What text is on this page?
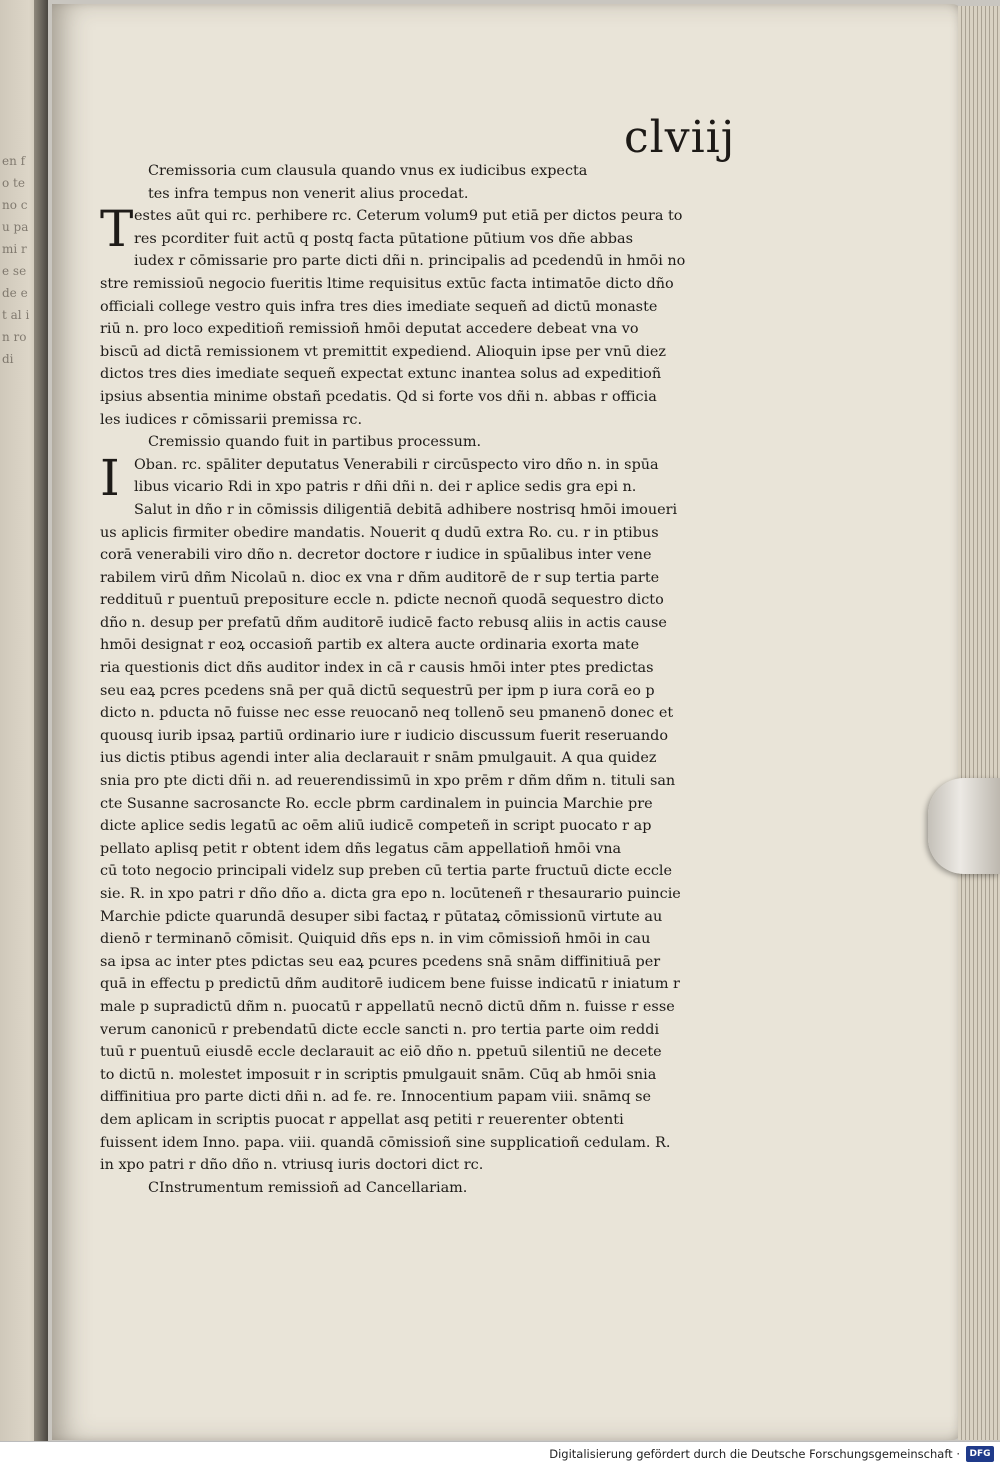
en fo te no cu pa mi re se de et al in ro di
clviij
Cremissoria cum clausula quando vnus ex iudicibus expecta
tes infra tempus non venerit alius procedat.
T estes aūt qui rc. perhibere rc. Ceterum volum9 put etiā per dictos peura to
res pcorditer fuit actū q postq facta pūtatione pūtium vos dñe abbas
iudex r cōmissarie pro parte dicti dñi n. principalis ad pcedendū in hmōi no
stre remissioū negocio fueritis ltime requisitus extūc facta intimatōe dicto dño
officiali college vestro quis infra tres dies imediate sequeñ ad dictū monaste
riū n. pro loco expeditioñ remissioñ hmōi deputat accedere debeat vna vo
biscū ad dictā remissionem vt premittit expediend. Alioquin ipse per vnū diez
dictos tres dies imediate sequeñ expectat extunc inantea solus ad expeditioñ
ipsius absentia minime obstañ pcedatis. Qd si forte vos dñi n. abbas r officia
les iudices r cōmissarii premissa rc.
Cremissio quando fuit in partibus processum.
I Oban. rc. spāliter deputatus Venerabili r circūspecto viro dño n. in spūa
libus vicario Rdi in xpo patris r dñi dñi n. dei r aplice sedis gra epi n.
Salut in dño r in cōmissis diligentiā debitā adhibere nostrisq hmōi imoueri
us aplicis firmiter obedire mandatis. Nouerit q dudū extra Ro. cu. r in ptibus
corā venerabili viro dño n. decretor doctore r iudice in spūalibus inter vene
rabilem virū dñm Nicolaū n. dioc ex vna r dñm auditorē de r sup tertia parte
reddituū r puentuū prepositure eccle n. pdicte necnoñ quodā sequestro dicto
dño n. desup per prefatū dñm auditorē iudicē facto rebusq aliis in actis cause
hmōi designat r eoꝝ occasioñ partib ex altera aucte ordinaria exorta mate
ria questionis dict dñs auditor index in cā r causis hmōi inter ptes predictas
seu eaꝝ pcres pcedens snā per quā dictū sequestrū per ipm p iura corā eo p
dicto n. pducta nō fuisse nec esse reuocanō neq tollenō seu pmanenō donec et
quousq iurib ipsaꝝ partiū ordinario iure r iudicio discussum fuerit reseruando
ius dictis ptibus agendi inter alia declarauit r snām pmulgauit. A qua quidez
snia pro pte dicti dñi n. ad reuerendissimū in xpo prēm r dñm dñm n. tituli san
cte Susanne sacrosancte Ro. eccle pbrm cardinalem in puincia Marchie pre
dicte aplice sedis legatū ac oēm aliū iudicē competeñ in script puocato r ap
pellato aplisq petit r obtent idem dñs legatus cām appellatioñ hmōi vna
cū toto negocio principali videlz sup preben cū tertia parte fructuū dicte eccle
sie. R. in xpo patri r dño dño a. dicta gra epo n. locūteneñ r thesaurario puincie
Marchie pdicte quarundā desuper sibi factaꝝ r pūtataꝝ cōmissionū virtute au
dienō r terminanō cōmisit. Quiquid dñs eps n. in vim cōmissioñ hmōi in cau
sa ipsa ac inter ptes pdictas seu eaꝝ pcures pcedens snā snām diffinitiuā per
quā in effectu p predictū dñm auditorē iudicem bene fuisse indicatū r iniatum r
male p supradictū dñm n. puocatū r appellatū necnō dictū dñm n. fuisse r esse
verum canonicū r prebendatū dicte eccle sancti n. pro tertia parte oim reddi
tuū r puentuū eiusdē eccle declarauit ac eiō dño n. ppetuū silentiū ne decete
to dictū n. molestet imposuit r in scriptis pmulgauit snām. Cūq ab hmōi snia
diffinitiua pro parte dicti dñi n. ad fe. re. Innocentium papam viii. snāmq se
dem aplicam in scriptis puocat r appellat asq petiti r reuerenter obtenti
fuissent idem Inno. papa. viii. quandā cōmissioñ sine supplicatioñ cedulam. R.
in xpo patri r dño dño n. vtriusq iuris doctori dict rc.
CInstrumentum remissioñ ad Cancellariam.
Digitalisierung gefördert durch die Deutsche Forschungsgemeinschaft ·	DFG
